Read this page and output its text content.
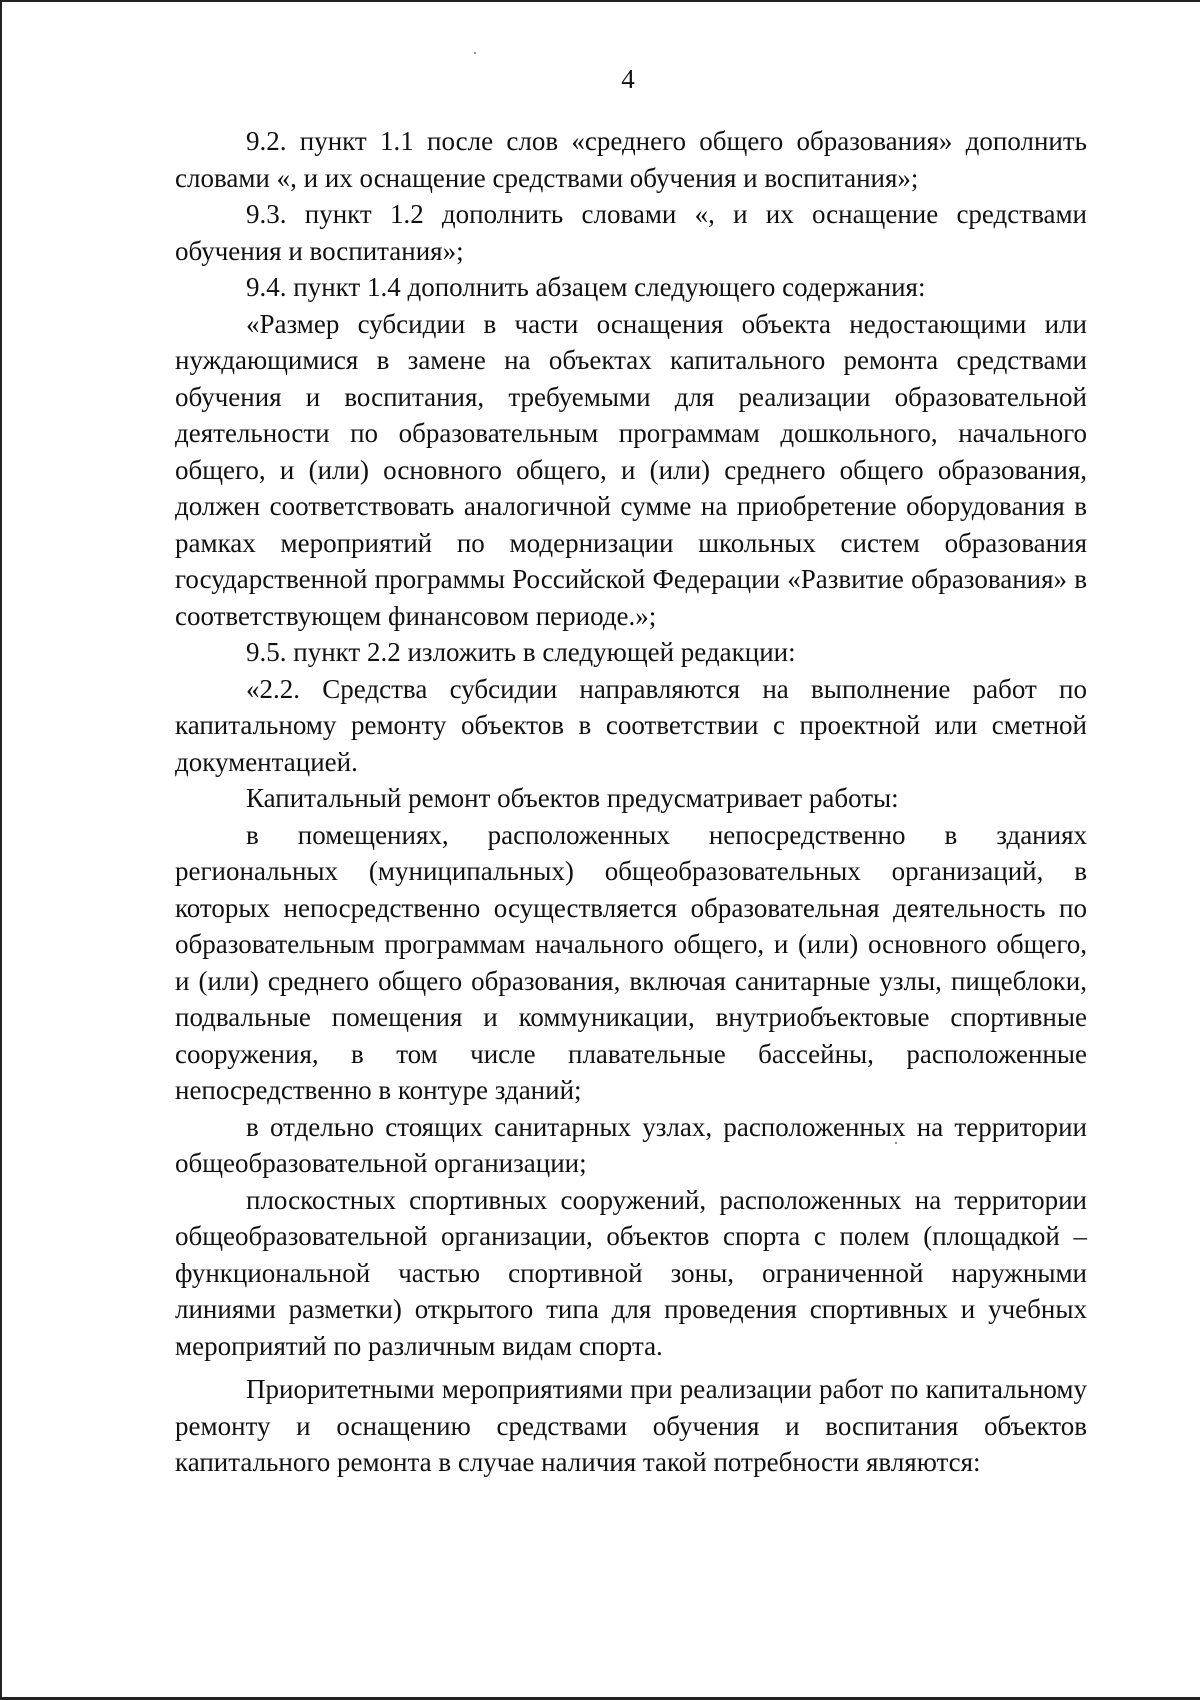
4

9.2. пункт 1.1 после слов «среднего общего образования» дополнить словами «, и их оснащение средствами обучения и воспитания»;

9.3. пункт 1.2 дополнить словами «, и их оснащение средствами обучения и воспитания»;

9.4. пункт 1.4 дополнить абзацем следующего содержания:

«Размер субсидии в части оснащения объекта недостающими или нуждающимися в замене на объектах капитального ремонта средствами обучения и воспитания, требуемыми для реализации образовательной деятельности по образовательным программам дошкольного, начального общего, и (или) основного общего, и (или) среднего общего образования, должен соответствовать аналогичной сумме на приобретение оборудования в рамках мероприятий по модернизации школьных систем образования государственной программы Российской Федерации «Развитие образования» в соответствующем финансовом периоде.»;

9.5. пункт 2.2 изложить в следующей редакции:

«2.2. Средства субсидии направляются на выполнение работ по капитальному ремонту объектов в соответствии с проектной или сметной документацией.

Капитальный ремонт объектов предусматривает работы:

в помещениях, расположенных непосредственно в зданиях региональных (муниципальных) общеобразовательных организаций, в которых непосредственно осуществляется образовательная деятельность по образовательным программам начального общего, и (или) основного общего, и (или) среднего общего образования, включая санитарные узлы, пищеблоки, подвальные помещения и коммуникации, внутриобъектовые спортивные сооружения, в том числе плавательные бассейны, расположенные непосредственно в контуре зданий;

в отдельно стоящих санитарных узлах, расположенных на территории общеобразовательной организации;

плоскостных спортивных сооружений, расположенных на территории общеобразовательной организации, объектов спорта с полем (площадкой – функциональной частью спортивной зоны, ограниченной наружными линиями разметки) открытого типа для проведения спортивных и учебных мероприятий по различным видам спорта.

Приоритетными мероприятиями при реализации работ по капитальному ремонту и оснащению средствами обучения и воспитания объектов капитального ремонта в случае наличия такой потребности являются:
